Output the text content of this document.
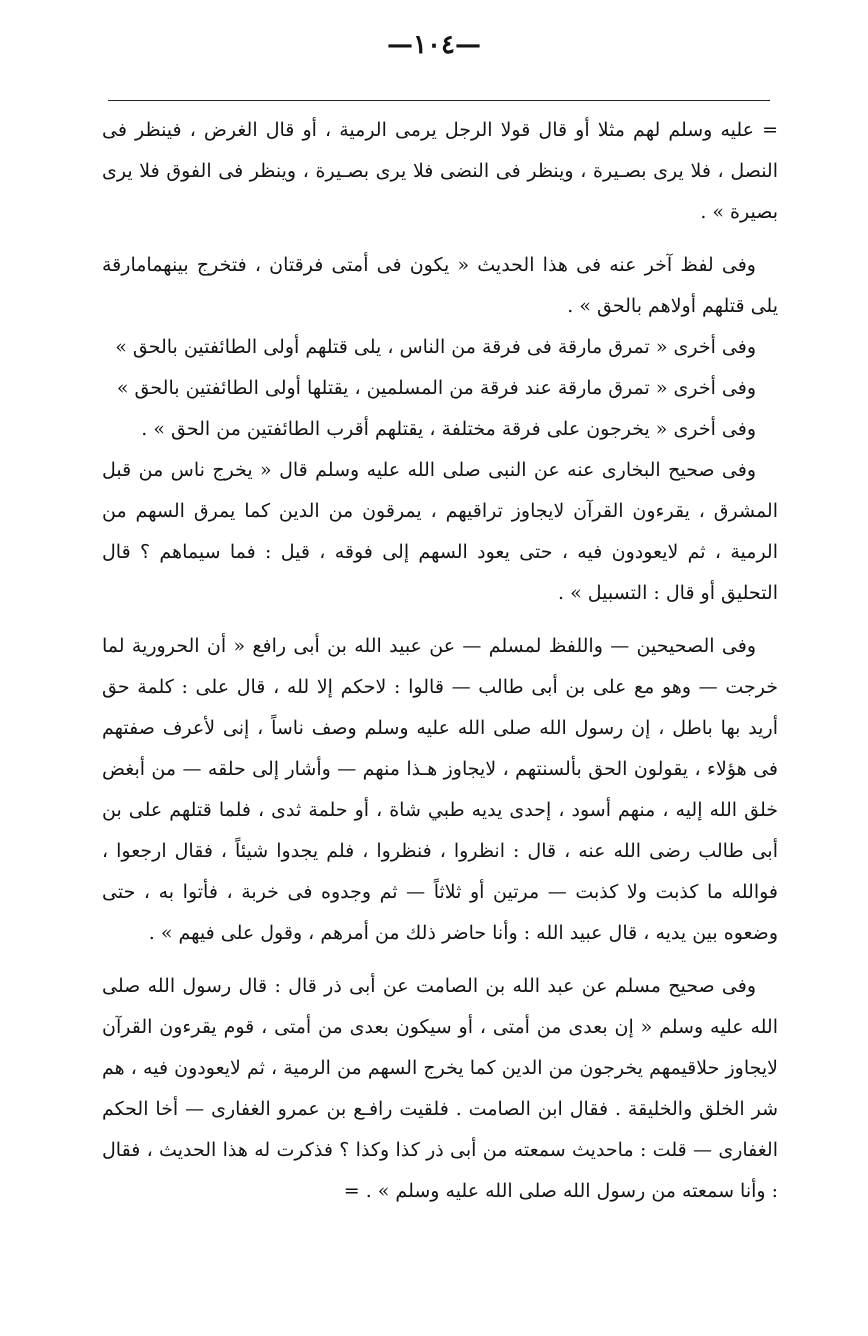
—١٠٤—

= عليه وسلم لهم مثلا أو قال قولا الرجل يرمى الرمية ، أو قال الغرض ، فينظر فى النصل ، فلا يرى بصـيرة ، وينظر فى النضى فلا يرى بصـيرة ، وينظر فى الفوق فلا يرى بصيرة » .

وفى لفظ آخر عنه فى هذا الحديث « يكون فى أمتى فرقتان ، فتخرج بينهمامارقة يلى قتلهم أولاهم بالحق » .

وفى أخرى « تمرق مارقة فى فرقة من الناس ، يلى قتلهم أولى الطائفتين بالحق »

وفى أخرى « تمرق مارقة عند فرقة من المسلمين ، يقتلها أولى الطائفتين بالحق »

وفى أخرى « يخرجون على فرقة مختلفة ، يقتلهم أقرب الطائفتين من الحق » .

وفى صحيح البخارى عنه عن النبى صلى الله عليه وسلم قال « يخرج ناس من قبل المشرق ، يقرءون القرآن لايجاوز تراقيهم ، يمرقون من الدين كما يمرق السهم من الرمية ، ثم لايعودون فيه ، حتى يعود السهم إلى فوقه ، قيل : فما سيماهم ؟ قال التحليق أو قال : التسبيل » .

وفى الصحيحين — واللفظ لمسلم — عن عبيد الله بن أبى رافع « أن الحرورية لما خرجت — وهو مع على بن أبى طالب — قالوا : لاحكم إلا لله ، قال على : كلمة حق أريد بها باطل ، إن رسول الله صلى الله عليه وسلم وصف ناساً ، إنى لأعرف صفتهم فى هؤلاء ، يقولون الحق بألسنتهم ، لايجاوز هـذا منهم — وأشار إلى حلقه — من أبغض خلق الله إليه ، منهم أسود ، إحدى يديه طبي شاة ، أو حلمة ثدى ، فلما قتلهم على بن أبى طالب رضى الله عنه ، قال : انظروا ، فنظروا ، فلم يجدوا شيئاً ، فقال ارجعوا ، فوالله ما كذبت ولا كذبت — مرتين أو ثلاثاً — ثم وجدوه فى خربة ، فأتوا به ، حتى وضعوه بين يديه ، قال عبيد الله : وأنا حاضر ذلك من أمرهم ، وقول على فيهم » .

وفى صحيح مسلم عن عبد الله بن الصامت عن أبى ذر قال : قال رسول الله صلى الله عليه وسلم « إن بعدى من أمتى ، أو سيكون بعدى من أمتى ، قوم يقرءون القرآن لايجاوز حلاقيمهم يخرجون من الدين كما يخرج السهم من الرمية ، ثم لايعودون فيه ، هم شر الخلق والخليقة . فقال ابن الصامت . فلقيت رافـع بن عمرو الغفارى — أخا الحكم الغفارى — قلت : ماحديث سمعته من أبى ذر كذا وكذا ؟ فذكرت له هذا الحديث ، فقال : وأنا سمعته من رسول الله صلى الله عليه وسلم » . =
